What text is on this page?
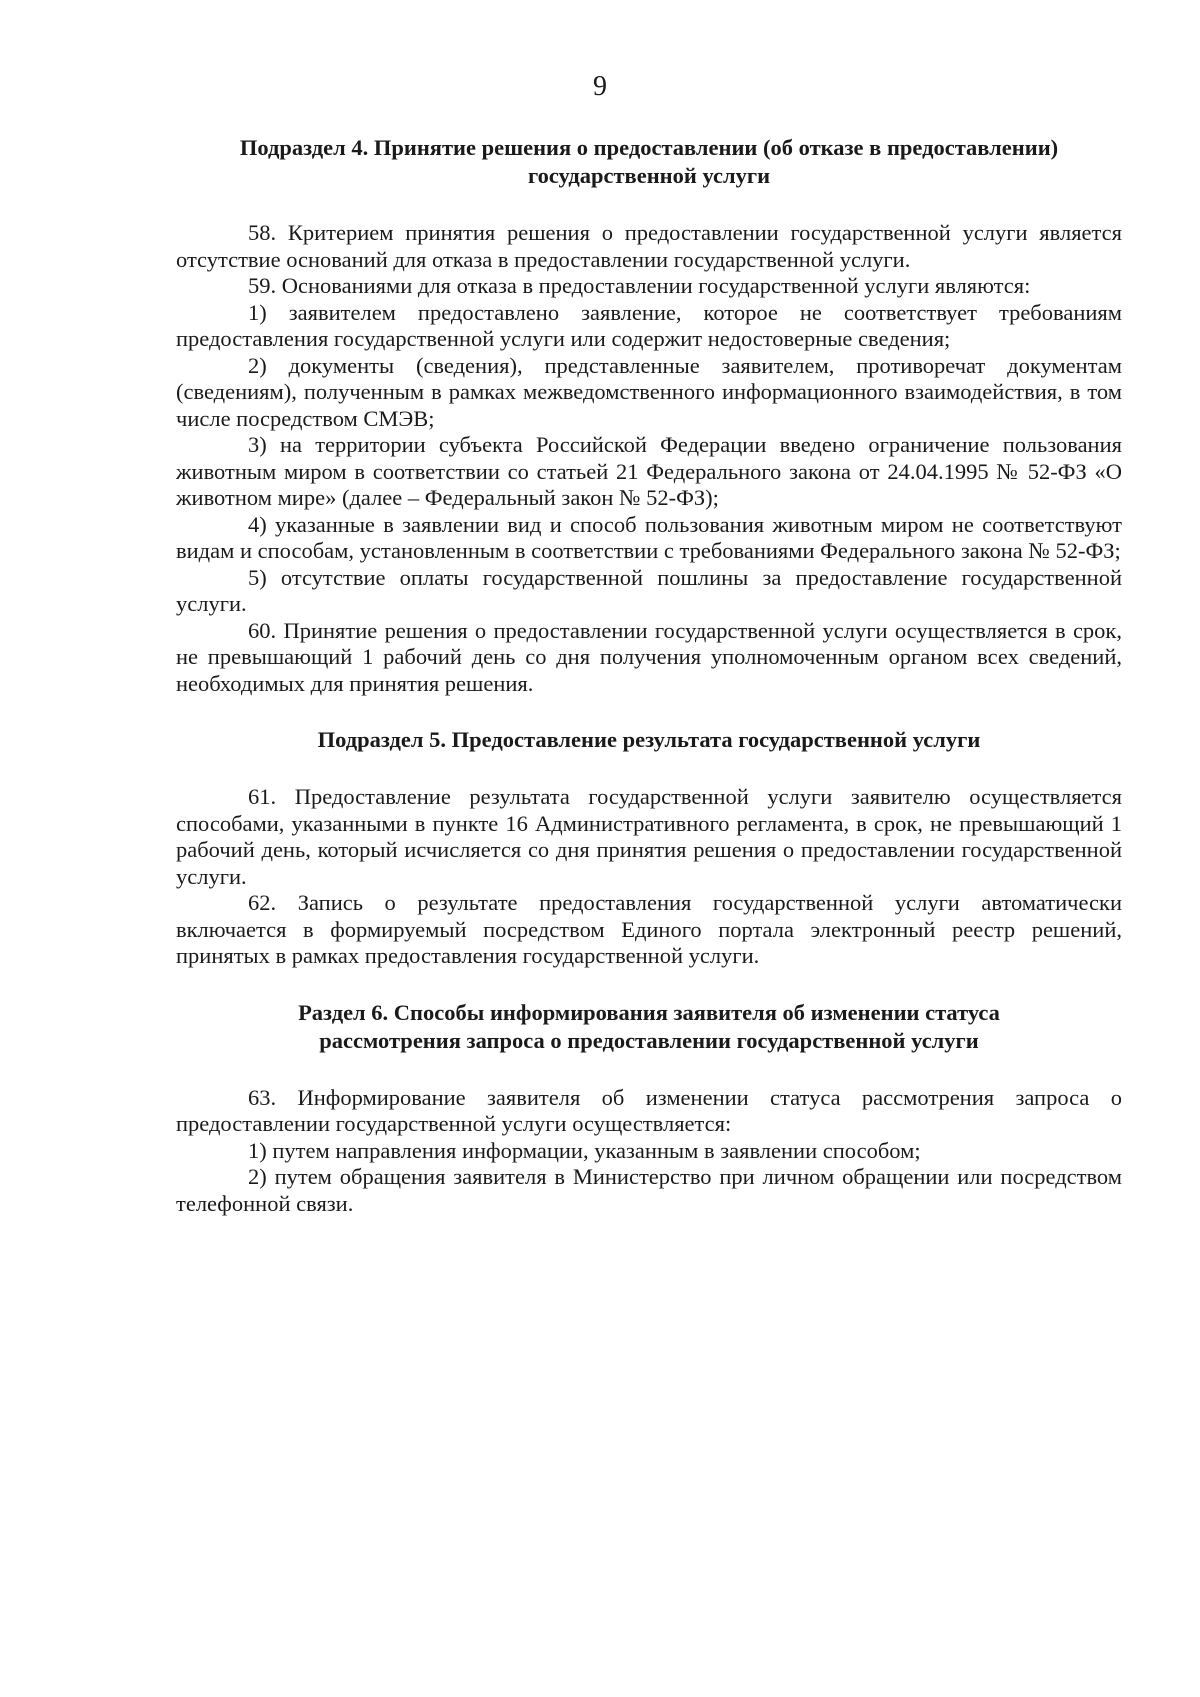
9
Подраздел 4. Принятие решения о предоставлении (об отказе в предоставлении) государственной услуги

58. Критерием принятия решения о предоставлении государственной услуги является отсутствие оснований для отказа в предоставлении государственной услуги.

59. Основаниями для отказа в предоставлении государственной услуги являются:

1) заявителем предоставлено заявление, которое не соответствует требованиям предоставления государственной услуги или содержит недостоверные сведения;

2) документы (сведения), представленные заявителем, противоречат документам (сведениям), полученным в рамках межведомственного информационного взаимодействия, в том числе посредством СМЭВ;

3) на территории субъекта Российской Федерации введено ограничение пользования животным миром в соответствии со статьей 21 Федерального закона от 24.04.1995 № 52-ФЗ «О животном мире» (далее – Федеральный закон № 52-ФЗ);

4) указанные в заявлении вид и способ пользования животным миром не соответствуют видам и способам, установленным в соответствии с требованиями Федерального закона № 52-ФЗ;

5) отсутствие оплаты государственной пошлины за предоставление государственной услуги.

60. Принятие решения о предоставлении государственной услуги осуществляется в срок, не превышающий 1 рабочий день со дня получения уполномоченным органом всех сведений, необходимых для принятия решения.

Подраздел 5. Предоставление результата государственной услуги

61. Предоставление результата государственной услуги заявителю осуществляется способами, указанными в пункте 16 Административного регламента, в срок, не превышающий 1 рабочий день, который исчисляется со дня принятия решения о предоставлении государственной услуги.

62. Запись о результате предоставления государственной услуги автоматически включается в формируемый посредством Единого портала электронный реестр решений, принятых в рамках предоставления государственной услуги.

Раздел 6. Способы информирования заявителя об изменении статуса рассмотрения запроса о предоставлении государственной услуги

63. Информирование заявителя об изменении статуса рассмотрения запроса о предоставлении государственной услуги осуществляется:

1) путем направления информации, указанным в заявлении способом;

2) путем обращения заявителя в Министерство при личном обращении или посредством телефонной связи.
